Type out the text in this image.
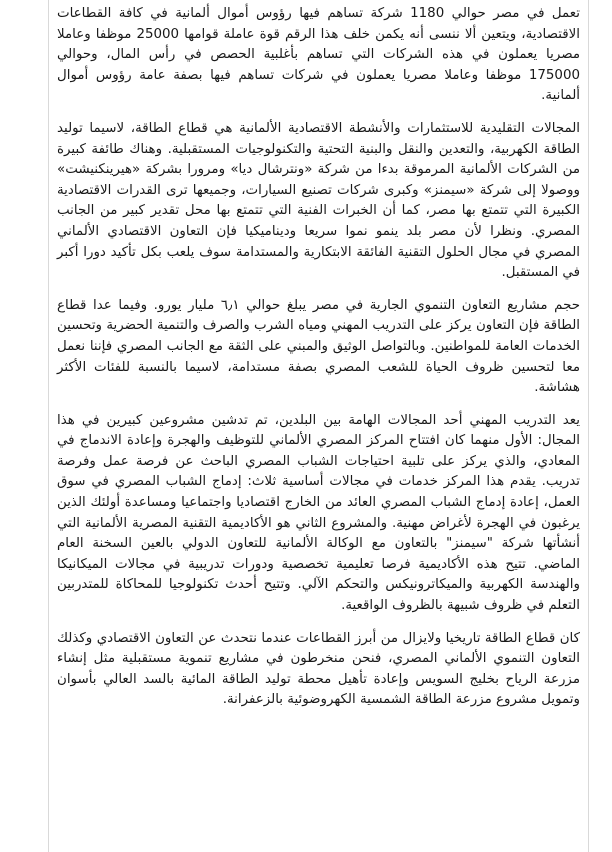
تعمل في مصر حوالي 1180 شركة تساهم فيها رؤوس أموال ألمانية في كافة القطاعات الاقتصادية، ويتعين ألا ننسى أنه يكمن خلف هذا الرقم قوة عاملة قوامها 25000 موظفا وعاملا مصريا يعملون في هذه الشركات التي تساهم بأغلبية الحصص في رأس المال، وحوالي 175000 موظفا وعاملا مصريا يعملون في شركات تساهم فيها بصفة عامة رؤوس أموال ألمانية.

المجالات التقليدية للاستثمارات والأنشطة الاقتصادية الألمانية هي قطاع الطاقة، لاسيما توليد الطاقة الكهربية، والتعدين والنقل والبنية التحتية والتكنولوجيات المستقبلية. وهناك طائفة كبيرة من الشركات الألمانية المرموقة بدءا من شركة «ونترشال ديا» ومرورا بشركة «هيرينكنيشت» ووصولا إلى شركة «سيمنز» وكبرى شركات تصنيع السيارات، وجميعها ترى القدرات الاقتصادية الكبيرة التي تتمتع بها مصر، كما أن الخبرات الفنية التي تتمتع بها محل تقدير كبير من الجانب المصري. ونظرا لأن مصر بلد ينمو نموا سريعا وديناميكيا فإن التعاون الاقتصادي الألماني المصري في مجال الحلول التقنية الفائقة الابتكارية والمستدامة سوف يلعب بكل تأكيد دورا أكبر في المستقبل.

حجم مشاريع التعاون التنموي الجارية في مصر يبلغ حوالي ٦٫١ مليار يورو. وفيما عدا قطاع الطاقة فإن التعاون يركز على التدريب المهني ومياه الشرب والصرف والتنمية الحضرية وتحسين الخدمات العامة للمواطنين. وبالتواصل الوثيق والمبني على الثقة مع الجانب المصري فإننا نعمل معا لتحسين ظروف الحياة للشعب المصري بصفة مستدامة، لاسيما بالنسبة للفئات الأكثر هشاشة.

يعد التدريب المهني أحد المجالات الهامة بين البلدين، تم تدشين مشروعين كبيرين في هذا المجال: الأول منهما كان افتتاح المركز المصري الألماني للتوظيف والهجرة وإعادة الاندماج في المعادي، والذي يركز على تلبية احتياجات الشباب المصري الباحث عن فرصة عمل وفرصة تدريب. يقدم هذا المركز خدمات في مجالات أساسية ثلاث: إدماج الشباب المصري في سوق العمل، إعادة إدماج الشباب المصري العائد من الخارج اقتصاديا واجتماعيا ومساعدة أولئك الذين يرغبون في الهجرة لأغراض مهنية. والمشروع الثاني هو الأكاديمية التقنية المصرية الألمانية التي أنشأتها شركة "سيمنز" بالتعاون مع الوكالة الألمانية للتعاون الدولي بالعين السخنة العام الماضي. تتيح هذه الأكاديمية فرصا تعليمية تخصصية ودورات تدريبية في مجالات الميكانيكا والهندسة الكهربية والميكاترونيكس والتحكم الآلي. وتتيح أحدث تكنولوجيا للمحاكاة للمتدربين التعلم في ظروف شبيهة بالظروف الواقعية.

كان قطاع الطاقة تاريخيا ولايزال من أبرز القطاعات عندما نتحدث عن التعاون الاقتصادي وكذلك التعاون التنموي الألماني المصري، فنحن منخرطون في مشاريع تنموية مستقبلية مثل إنشاء مزرعة الرياح بخليج السويس وإعادة تأهيل محطة توليد الطاقة المائية بالسد العالي بأسوان وتمويل مشروع مزرعة الطاقة الشمسية الكهروضوئية بالزعفرانة.
